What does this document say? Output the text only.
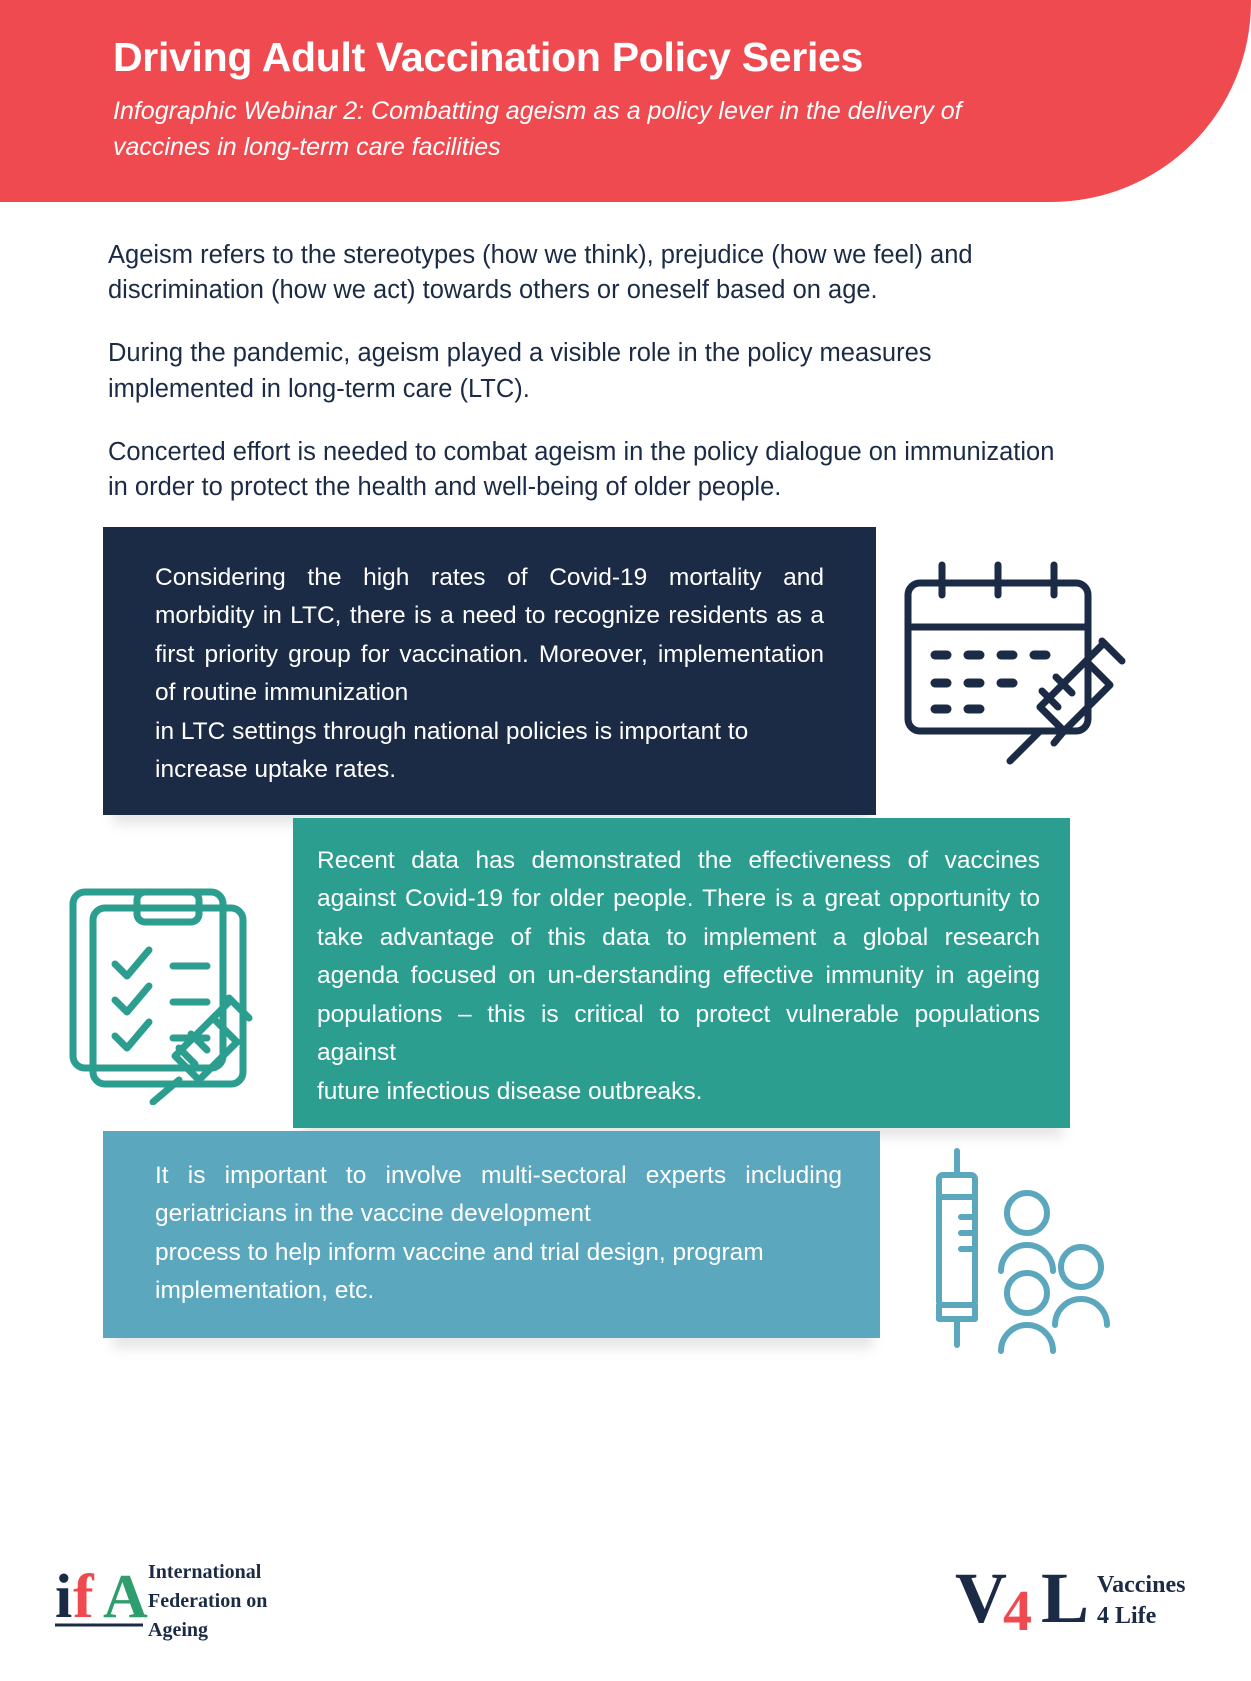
Driving Adult Vaccination Policy Series
Infographic Webinar 2: Combatting ageism as a policy lever in the delivery of vaccines in long-term care facilities

Ageism refers to the stereotypes (how we think), prejudice (how we feel) and discrimination (how we act) towards others or oneself based on age.

During the pandemic, ageism played a visible role in the policy measures implemented in long-term care (LTC).

Concerted effort is needed to combat ageism in the policy dialogue on immunization in order to protect the health and well-being of older people.

Considering the high rates of Covid-19 mortality and morbidity in LTC, there is a need to recognize residents as a first priority group for vaccination. Moreover, implementation of routine immunization

in LTC settings through national policies is important to increase uptake rates.

Recent data has demonstrated the effectiveness of vaccines against Covid-19 for older people. There is a great opportunity to take advantage of this data to implement a global research agenda focused on un-derstanding effective immunity in ageing populations – this is critical to protect vulnerable populations against

future infectious disease outbreaks.

It is important to involve multi-sectoral experts including geriatricians in the vaccine development

process to help inform vaccine and trial design, program implementation, etc.

i f A International
Federation on
Ageing	V
4 L Vaccines
4 Life
